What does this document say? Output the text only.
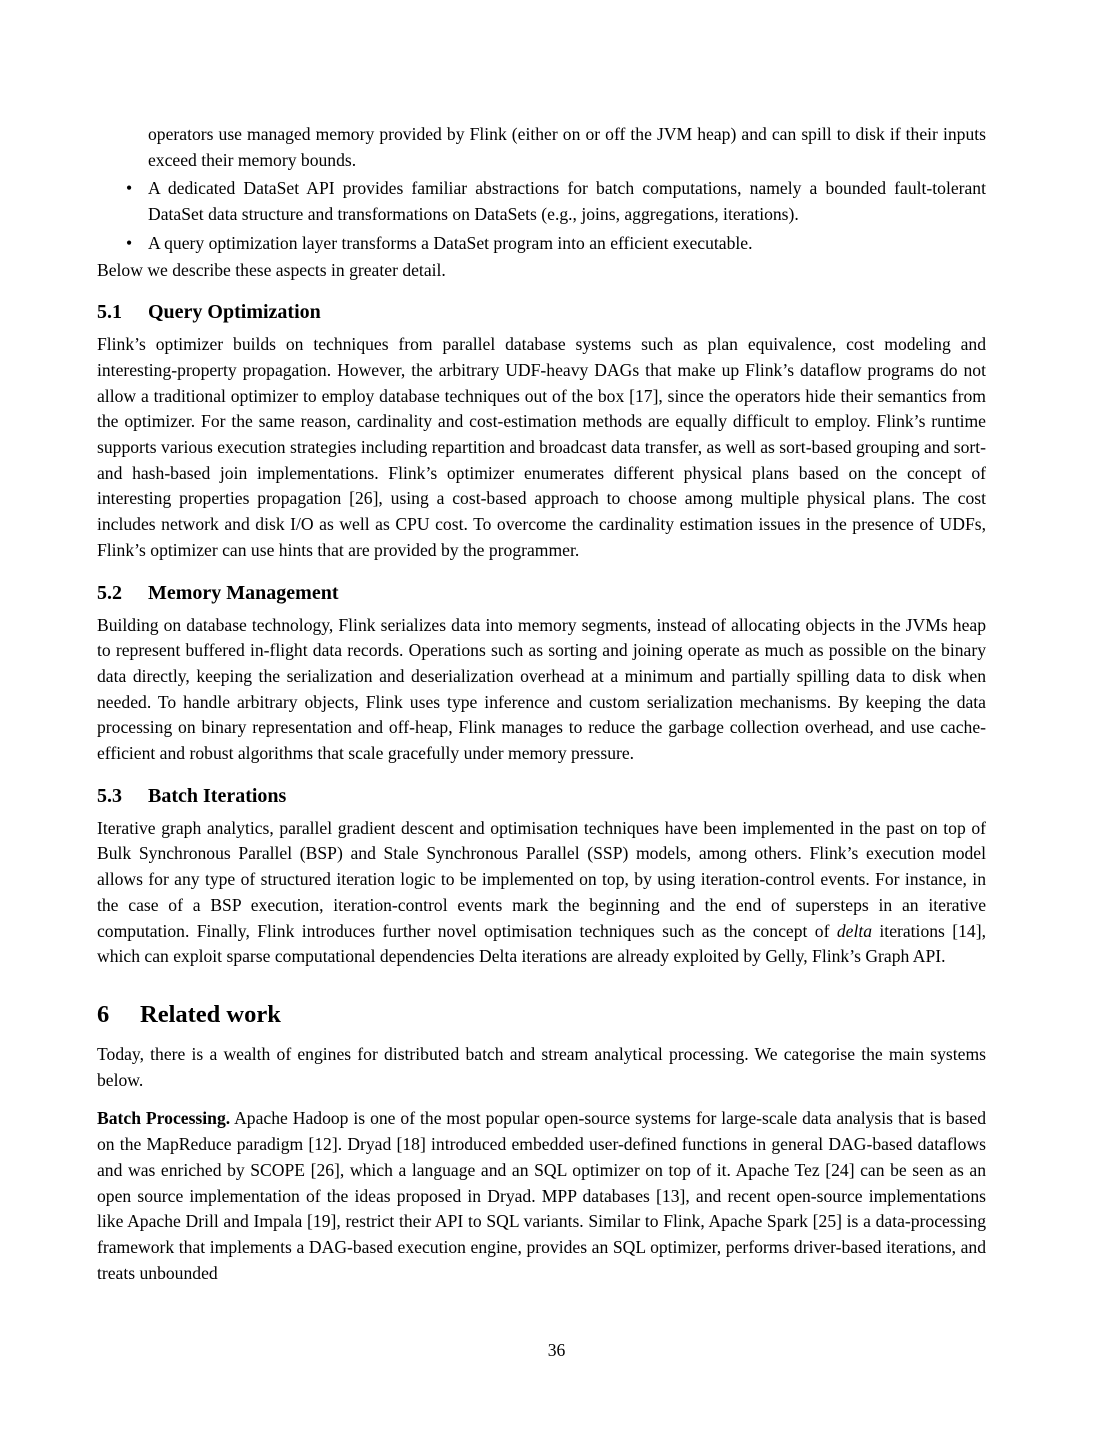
operators use managed memory provided by Flink (either on or off the JVM heap) and can spill to disk if their inputs exceed their memory bounds.

• A dedicated DataSet API provides familiar abstractions for batch computations, namely a bounded fault-tolerant DataSet data structure and transformations on DataSets (e.g., joins, aggregations, iterations).
• A query optimization layer transforms a DataSet program into an efficient executable.

Below we describe these aspects in greater detail.

5.1 Query Optimization

Flink’s optimizer builds on techniques from parallel database systems such as plan equivalence, cost modeling and interesting-property propagation. However, the arbitrary UDF-heavy DAGs that make up Flink’s dataflow programs do not allow a traditional optimizer to employ database techniques out of the box [17], since the operators hide their semantics from the optimizer. For the same reason, cardinality and cost-estimation methods are equally difficult to employ. Flink’s runtime supports various execution strategies including repartition and broadcast data transfer, as well as sort-based grouping and sort- and hash-based join implementations. Flink’s optimizer enumerates different physical plans based on the concept of interesting properties propagation [26], using a cost-based approach to choose among multiple physical plans. The cost includes network and disk I/O as well as CPU cost. To overcome the cardinality estimation issues in the presence of UDFs, Flink’s optimizer can use hints that are provided by the programmer.

5.2 Memory Management

Building on database technology, Flink serializes data into memory segments, instead of allocating objects in the JVMs heap to represent buffered in-flight data records. Operations such as sorting and joining operate as much as possible on the binary data directly, keeping the serialization and deserialization overhead at a minimum and partially spilling data to disk when needed. To handle arbitrary objects, Flink uses type inference and custom serialization mechanisms. By keeping the data processing on binary representation and off-heap, Flink manages to reduce the garbage collection overhead, and use cache-efficient and robust algorithms that scale gracefully under memory pressure.

5.3 Batch Iterations

Iterative graph analytics, parallel gradient descent and optimisation techniques have been implemented in the past on top of Bulk Synchronous Parallel (BSP) and Stale Synchronous Parallel (SSP) models, among others. Flink’s execution model allows for any type of structured iteration logic to be implemented on top, by using iteration-control events. For instance, in the case of a BSP execution, iteration-control events mark the beginning and the end of supersteps in an iterative computation. Finally, Flink introduces further novel optimisation techniques such as the concept of delta iterations [14], which can exploit sparse computational dependencies Delta iterations are already exploited by Gelly, Flink’s Graph API.

6 Related work

Today, there is a wealth of engines for distributed batch and stream analytical processing. We categorise the main systems below.

Batch Processing. Apache Hadoop is one of the most popular open-source systems for large-scale data analysis that is based on the MapReduce paradigm [12]. Dryad [18] introduced embedded user-defined functions in general DAG-based dataflows and was enriched by SCOPE [26], which a language and an SQL optimizer on top of it. Apache Tez [24] can be seen as an open source implementation of the ideas proposed in Dryad. MPP databases [13], and recent open-source implementations like Apache Drill and Impala [19], restrict their API to SQL variants. Similar to Flink, Apache Spark [25] is a data-processing framework that implements a DAG-based execution engine, provides an SQL optimizer, performs driver-based iterations, and treats unbounded

36
